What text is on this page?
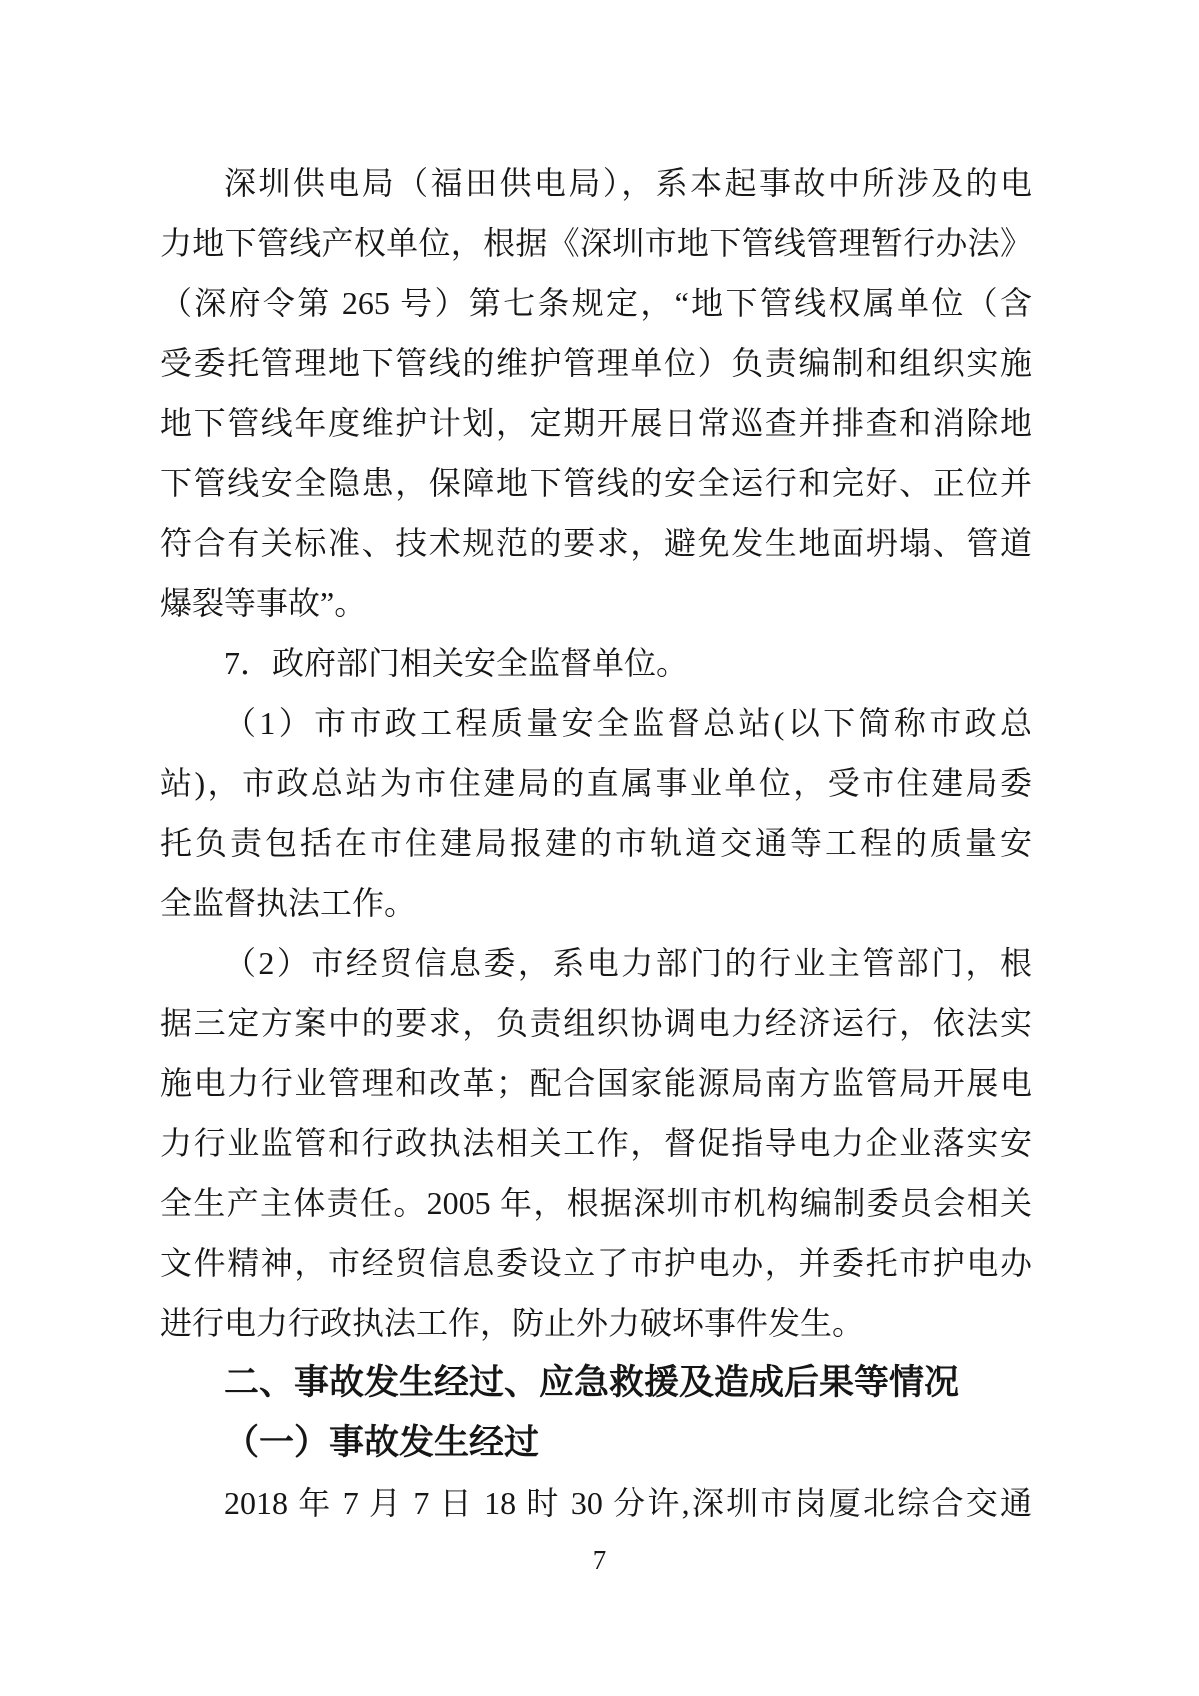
深圳供电局（福田供电局），系本起事故中所涉及的电
力地下管线产权单位，根据《深圳市地下管线管理暂行办法》
（深府令第 265 号）第七条规定，“地下管线权属单位（含
受委托管理地下管线的维护管理单位）负责编制和组织实施
地下管线年度维护计划，定期开展日常巡查并排查和消除地
下管线安全隐患，保障地下管线的安全运行和完好、正位并
符合有关标准、技术规范的要求，避免发生地面坍塌、管道
爆裂等事故”。
7．政府部门相关安全监督单位。
（1）市市政工程质量安全监督总站(以下简称市政总
站)，市政总站为市住建局的直属事业单位，受市住建局委
托负责包括在市住建局报建的市轨道交通等工程的质量安
全监督执法工作。
（2）市经贸信息委，系电力部门的行业主管部门，根
据三定方案中的要求，负责组织协调电力经济运行，依法实
施电力行业管理和改革；配合国家能源局南方监管局开展电
力行业监管和行政执法相关工作，督促指导电力企业落实安
全生产主体责任。2005 年，根据深圳市机构编制委员会相关
文件精神，市经贸信息委设立了市护电办，并委托市护电办
进行电力行政执法工作，防止外力破坏事件发生。
二、事故发生经过、应急救援及造成后果等情况
（一）事故发生经过
2018 年 7 月 7 日 18 时 30 分许,深圳市岗厦北综合交通
7
